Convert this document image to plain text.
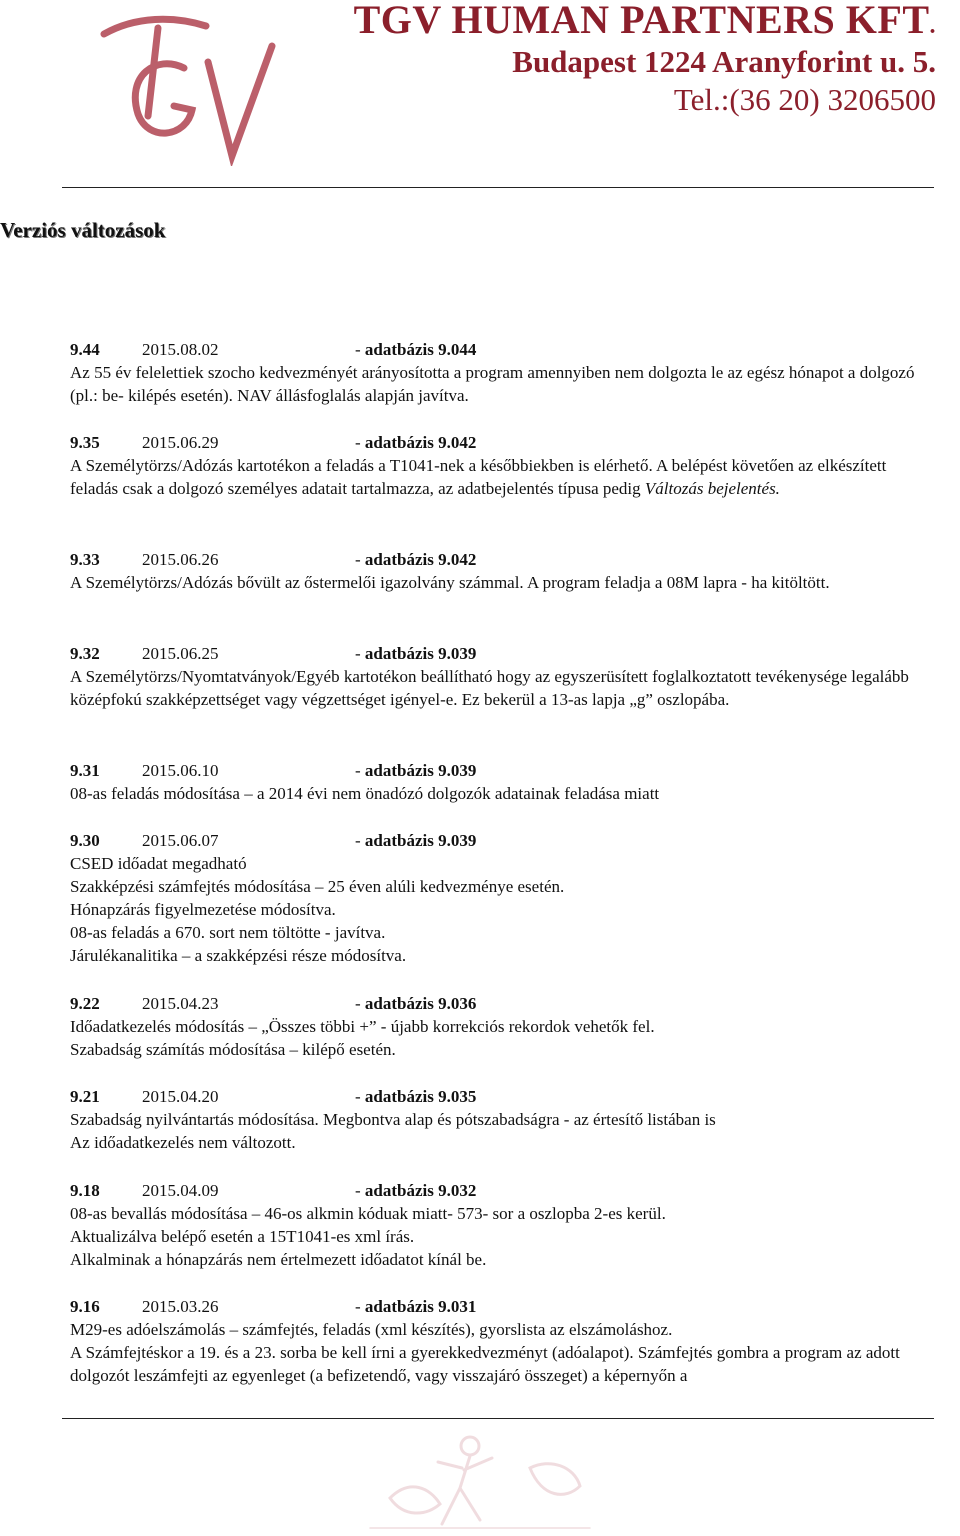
TGV HUMAN PARTNERS KFT.
Budapest 1224 Aranyforint u. 5.
Tel.:(36 20) 3206500
Verziós változások
9.44	2015.08.02	- adatbázis 9.044

Az 55 év felelettiek szocho kedvezményét arányosította a program amennyiben nem dolgozta le az egész hónapot a dolgozó (pl.: be- kilépés esetén). NAV állásfoglalás alapján javítva.

9.35	2015.06.29	- adatbázis 9.042

A Személytörzs/Adózás kartotékon a feladás a T1041-nek a későbbiekben is elérhető. A belépést követően az elkészített feladás csak a dolgozó személyes adatait tartalmazza, az adatbejelentés típusa pedig Változás bejelentés.

9.33	2015.06.26	- adatbázis 9.042

A Személytörzs/Adózás bővült az őstermelői igazolvány számmal. A program feladja a 08M lapra - ha kitöltött.

9.32	2015.06.25	- adatbázis 9.039

A Személytörzs/Nyomtatványok/Egyéb kartotékon beállítható hogy az egyszerüsített foglalkoztatott tevékenysége legalább középfokú szakképzettséget vagy végzettséget igényel-e. Ez bekerül a 13-as lapja „g” oszlopába.

9.31	2015.06.10	- adatbázis 9.039

08-as feladás módosítása – a 2014 évi nem önadózó dolgozók adatainak feladása miatt

9.30	2015.06.07	- adatbázis 9.039

CSED időadat megadható

Szakképzési számfejtés módosítása – 25 éven alúli kedvezménye esetén.

Hónapzárás figyelmezetése módosítva.

08-as feladás a 670. sort nem töltötte - javítva.

Járulékanalitika – a szakképzési része módosítva.

9.22	2015.04.23	- adatbázis 9.036

Időadatkezelés módosítás – „Összes többi +” - újabb korrekciós rekordok vehetők fel.

Szabadság számítás módosítása – kilépő esetén.

9.21	2015.04.20	- adatbázis 9.035

Szabadság nyilvántartás módosítása. Megbontva alap és pótszabadságra - az értesítő listában is

Az időadatkezelés nem változott.

9.18	2015.04.09	- adatbázis 9.032

08-as bevallás módosítása – 46-os alkmin kóduak miatt- 573- sor a oszlopba 2-es kerül.

Aktualizálva belépő esetén a 15T1041-es xml írás.

Alkalminak a hónapzárás nem értelmezett időadatot kínál be.

9.16	2015.03.26	- adatbázis 9.031

M29-es adóelszámolás – számfejtés, feladás (xml készítés), gyorslista az elszámoláshoz.

A Számfejtéskor a 19. és a 23. sorba be kell írni a gyerekkedvezményt (adóalapot). Számfejtés gombra a program az adott dolgozót leszámfejti az egyenleget (a befizetendő, vagy visszajáró összeget) a képernyőn a
